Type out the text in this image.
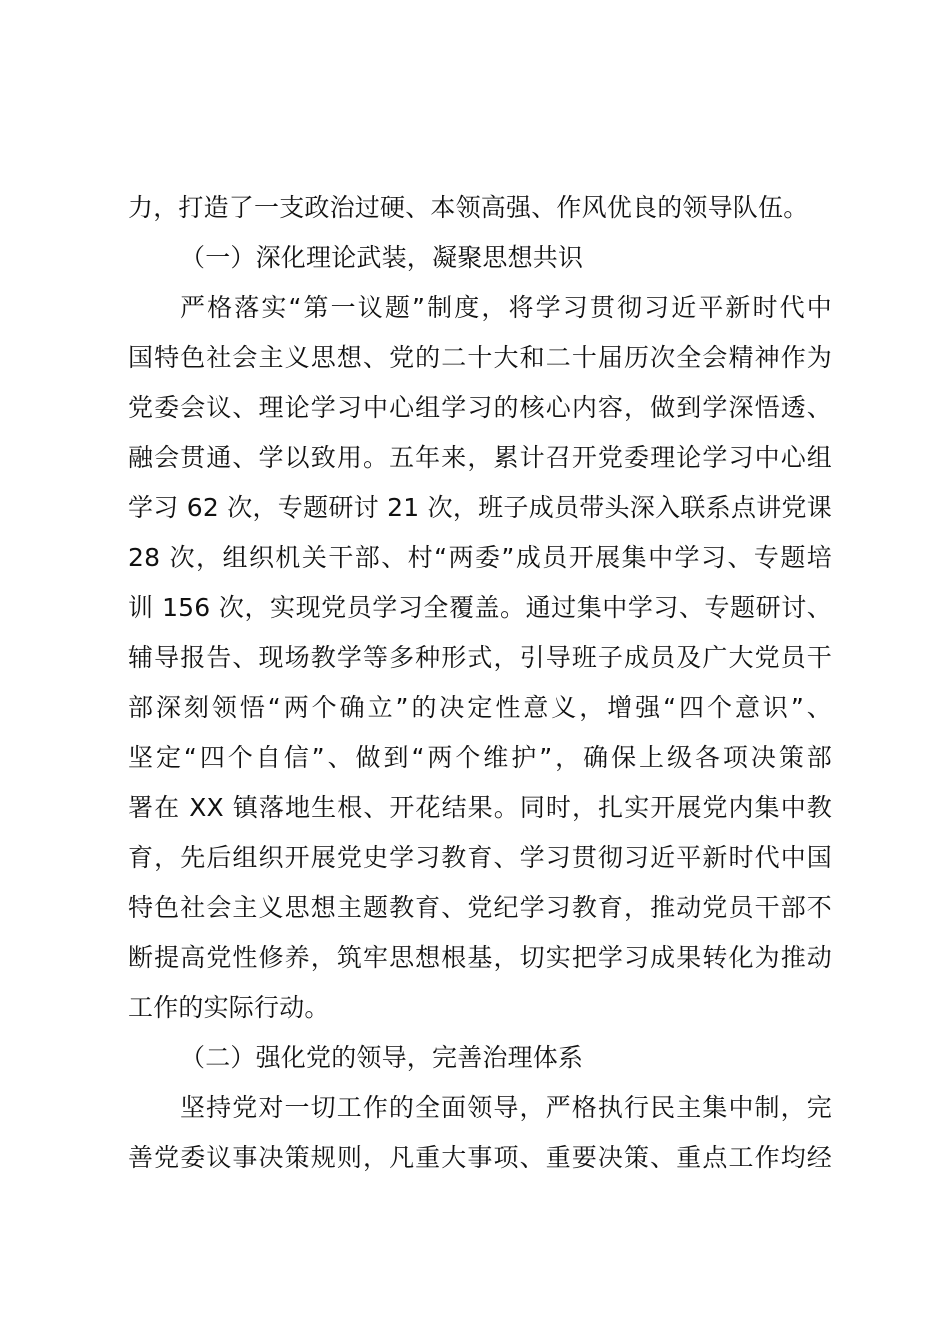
力，打造了一支政治过硬、本领高强、作风优良的领导队伍。
（一）深化理论武装，凝聚思想共识
严格落实“第一议题”制度，将学习贯彻习近平新时代中
国特色社会主义思想、党的二十大和二十届历次全会精神作为
党委会议、理论学习中心组学习的核心内容，做到学深悟透、
融会贯通、学以致用。五年来，累计召开党委理论学习中心组
学习 62 次，专题研讨 21 次，班子成员带头深入联系点讲党课
28 次，组织机关干部、村“两委”成员开展集中学习、专题培
训 156 次，实现党员学习全覆盖。通过集中学习、专题研讨、
辅导报告、现场教学等多种形式，引导班子成员及广大党员干
部深刻领悟“两个确立”的决定性意义，增强“四个意识”、
坚定“四个自信”、做到“两个维护”，确保上级各项决策部
署在 XX 镇落地生根、开花结果。同时，扎实开展党内集中教
育，先后组织开展党史学习教育、学习贯彻习近平新时代中国
特色社会主义思想主题教育、党纪学习教育，推动党员干部不
断提高党性修养，筑牢思想根基，切实把学习成果转化为推动
工作的实际行动。
（二）强化党的领导，完善治理体系
坚持党对一切工作的全面领导，严格执行民主集中制，完
善党委议事决策规则，凡重大事项、重要决策、重点工作均经
